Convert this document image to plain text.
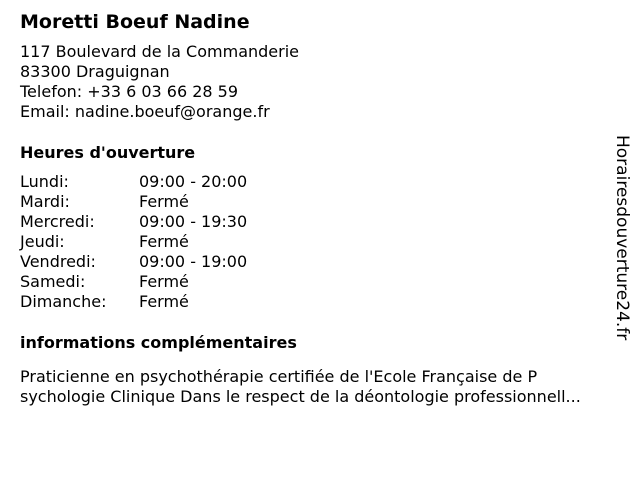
Moretti Boeuf Nadine
117 Boulevard de la Commanderie
83300 Draguignan
Telefon: +33 6 03 66 28 59
Email: nadine.boeuf@orange.fr
Heures d'ouverture
Lundi:	09:00 - 20:00
Mardi:	Fermé
Mercredi:	09:00 - 19:30
Jeudi:	Fermé
Vendredi:	09:00 - 19:00
Samedi:	Fermé
Dimanche:	Fermé
informations complémentaires
Praticienne en psychothérapie certifiée de l'Ecole Française de P
sychologie Clinique Dans le respect de la déontologie professionnell...
Horairesdouverture24.fr
